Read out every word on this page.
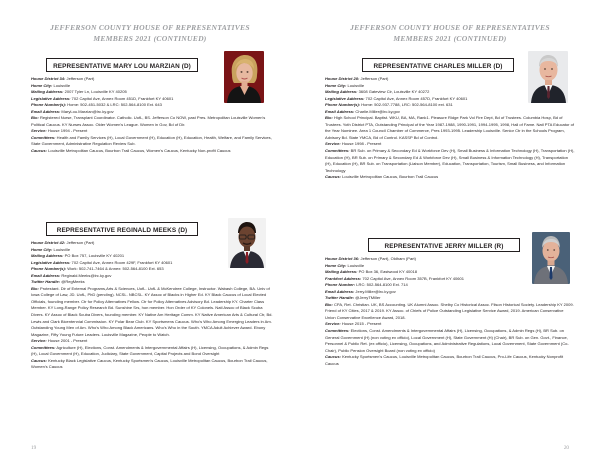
JEFFERSON COUNTY HOUSE OF REPRESENTATIVES
MEMBERS 2021 (CONTINUED)
REPRESENTATIVE MARY LOU MARZIAN (D)

House District 34: Jefferson (Part)

Home City: Louisville

Mailing Address: 2007 Tyler Ln, Louisville KY 40205

Legislative Address: 702 Capitol Ave, Annex Room 451D, Frankfort KY 40601

Phone Number(s): Home: 502-451-5032 & LRC: 502-564-8100 Ext. 643

Email Address: MaryLou.Marzian@lrc.ky.gov

Bio: Registered Nurse, Transplant Coordinator. Catholic. UofL, BS. Jefferson Co NOW, past Pres. Metropolitan Louisville Women's Political Caucus. KY Nurses Assoc. Older Women's League. Women in Gov, Bd of Dir.

Service: House 1994 - Present

Committees: Health and Family Services (H), Local Government (H), Education (H), Education, Health, Welfare, and Family Services, State Government, Administrative Regulation Review Sub.

Caucus: Louisville Metropolitan Caucus, Bourbon Trail Caucus, Women's Caucus, Kentucky Non-profit Caucus

REPRESENTATIVE REGINALD MEEKS (D)

House District 42: Jefferson (Part)

Home City: Louisville

Mailing Address: PO Box 757, Louisville KY 40201

Legislative Address: 702 Capitol Ave, Annex Room 429F, Frankfort KY 40601

Phone Number(s): Work: 502-741-7464 & Annex: 502-564-8100 Ext. 653

Email Address: Reginald.Meeks@lrc.ky.gov

Twitter Handle: @RegMeeks

Bio: Protestant. Dir of External Programs,Arts & Sciences, UofL. UofL & McKendree College, Instructor. Wabash College, BA. Univ of Iowa College of Law, JD. UofL, PhD (pending). NCSL. NBCSL. KY Assoc of Blacks in Higher Ed. KY Black Caucus of Local Elected Officials, founding member. Ctr for Policy Alternatives Fellow. Ctr for Policy Alternatives Advisory Bd. Leadership KY. Charter Class Member. KY Long-Range Policy Research Bd. Sunshine Srs, hon member. Hon Order of KY Colonels. Natl Assoc of Black Scuba Divers. KY Assoc of Black Scuba Divers, founding member. KY Native Am Heritage Comm. KY Native American Arts & Cultural Ctr, Bd. Lewis and Clark Bicentennial Commission. KY Polar Bear Club. KY Sportsmens Caucus. Who's Who Among Emerging Leaders in Am. Outstanding Young Men of Am. Who's Who Among Black Americans. Who's Who in the South. YMCA Adult Achiever Award. Ebony Magazine, Fifty Young Future Leaders. Louisville Magazine, People to Watch.

Service: House 2001 - Present

Committees: Agriculture (H), Elections, Const. Amendments & Intergovernmental Affairs (H), Licensing, Occupations, & Admin Regs (H), Local Government (H), Education, Judiciary, State Government, Capital Projects and Bond Oversight

Caucus: Kentucky Black Legislative Caucus, Kentucky Sportsmen's Caucus, Louisville Metropolitan Caucus, Bourbon Trail Caucus, Women's Caucus

19
JEFFERSON COUNTY HOUSE OF REPRESENTATIVES
MEMBERS 2021 (CONTINUED)
REPRESENTATIVE CHARLES MILLER (D)

House District 28: Jefferson (Part)

Home City: Louisville

Mailing Address: 3608 Gateview Cir, Louisville KY 40272

Legislative Address: 702 Capitol Ave, Annex Room 457D, Frankfort KY 40601

Phone Number(s): Home: 502-937-7788, LRC: 502-564-8100 ext. 631

Email Address: Charlie.Miller@lrc.ky.gov

Bio: High School Principal. Baptist. WKU, BA, MA, Rank1. Pleasure Ridge Park Vol Fire Dept, Bd of Trustees. Columbia Hosp, Bd of Trustees. Yoth District PTA, Outstanding Principal of the Year 1987-1988, 1990-1991, 1994-1995, 1998, Hall of Fame. Natl PTA Educator of the Year Nominee. Area 1 Council Chamber of Commerce, Pres 1993-1995. Leadership Louisville. Senior Ctr in the Schools Program, Advisory Bd. State YMCA, Bd of Control. KASSP Bd of Control.

Service: House 1998 - Present

Committees: BR Sub. on Primary & Secondary Ed & Workforce Dev (H), Small Business & Information Technology (H), Transportation (H), Education (H), BR Sub. on Primary & Secondary Ed & Workforce Dev (H), Small Business & Information Technology (H), Transportation (H), Education (H), BR Sub. on Transportation (Liaison Member), Education, Transportation, Tourism, Small Business, and Information Technology

Caucus: Louisville Metropolitan Caucus, Bourbon Trail Caucus

REPRESENTATIVE JERRY MILLER (R)

House District 36: Jefferson (Part), Oldham (Part)

Home City: Louisville

Mailing Address: PO Box 36, Eastwood KY 40018

Frankfort Address: 702 Capitol Ave, Annex Room 357B, Frankfort KY 40601

Phone Number: LRC: 502-564-8100 Ext. 714

Email Address: Jerry.Miller@lrc.ky.gov

Twitter Handle: @JerryTMiller

Bio: CPA, Ret. Christian. UK, BS Accounting. UK Alumni Assoc. Shelby Co Historical Assoc. Filson Historical Society. Leadership KY 2009. Friend of KY Cities, 2017 & 2019. KY Assoc. of Chiefs of Police Outstanding Legislative Service Award, 2019. American Conservative Union Conservative Excellence Award, 2018.

Service: House 2015 - Present

Committees: Elections, Const. Amendments & Intergovernmental Affairs (H), Licensing, Occupations, & Admin Regs (H), BR Sub. on General Government (H) (non voting ex officio), Local Government (H), State Government (H) (Chair), BR Sub. on Gen. Govt., Finance, Personnel & Public Ret. (ex officio), Licensing, Occupations, and Administrative Regulations, Local Government, State Government (Co-Chair), Public Pension Oversight Board (non voting ex officio)

Caucus: Kentucky Sportsmen's Caucus, Louisville Metropolitan Caucus, Bourbon Trail Caucus, Pro-Life Caucus, Kentucky Nonprofit Caucus

20
